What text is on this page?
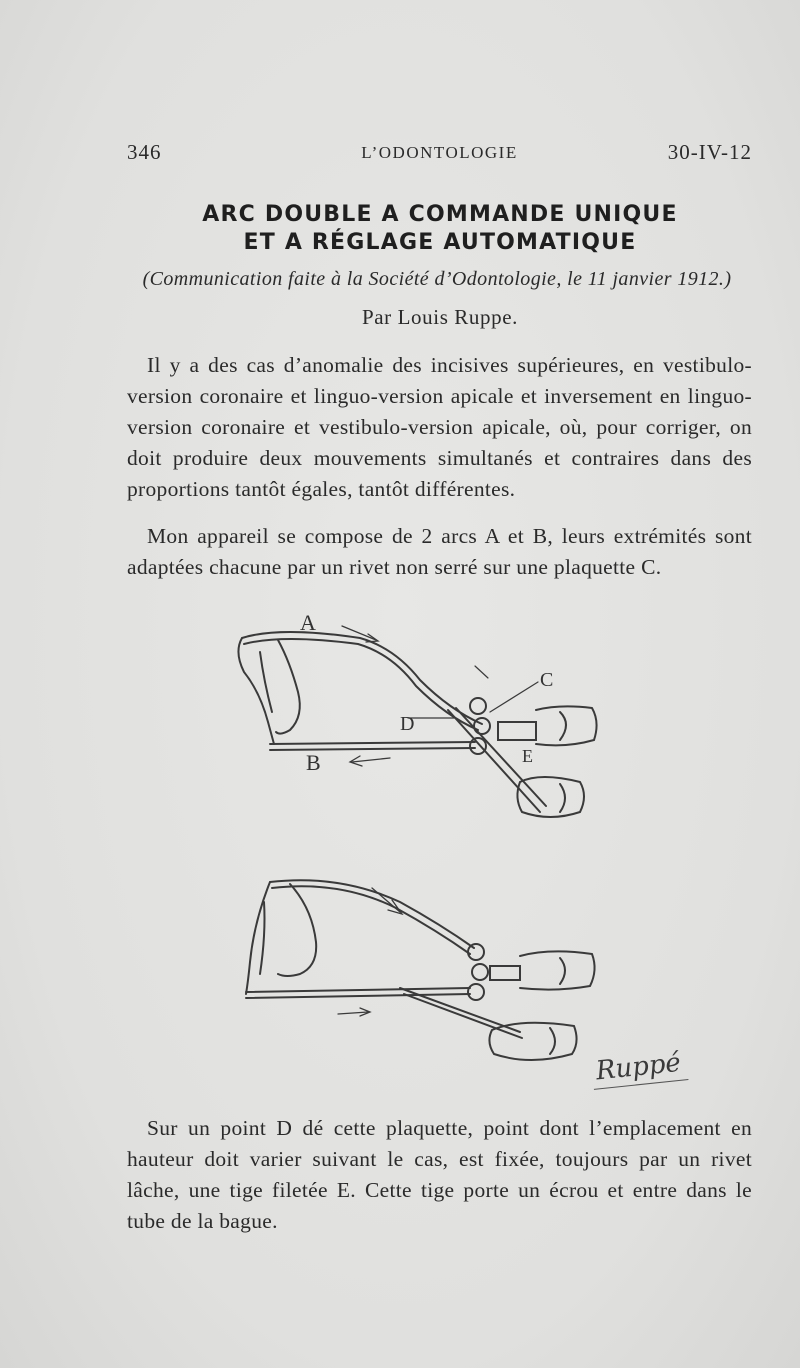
346	L’ODONTOLOGIE	30-IV-12
ARC DOUBLE A COMMANDE UNIQUE
ET A RÉGLAGE AUTOMATIQUE
(Communication faite à la Société d’Odontologie, le 11 janvier 1912.)
Par Louis Ruppe.
Il y a des cas d’anomalie des incisives supérieures, en vestibulo-version coronaire et linguo-version apicale et inversement en linguo-version coronaire et vestibulo-version apicale, où, pour corriger, on doit produire deux mouvements simultanés et contraires dans des proportions tantôt égales, tantôt différentes.
Mon appareil se compose de 2 arcs A et B, leurs extrémités sont adaptées chacune par un rivet non serré sur une plaquette C.
A
B
C
D
E
Ruppé
Sur un point D dé cette plaquette, point dont l’emplacement en hauteur doit varier suivant le cas, est fixée, toujours par un rivet lâche, une tige filetée E. Cette tige porte un écrou et entre dans le tube de la bague.
